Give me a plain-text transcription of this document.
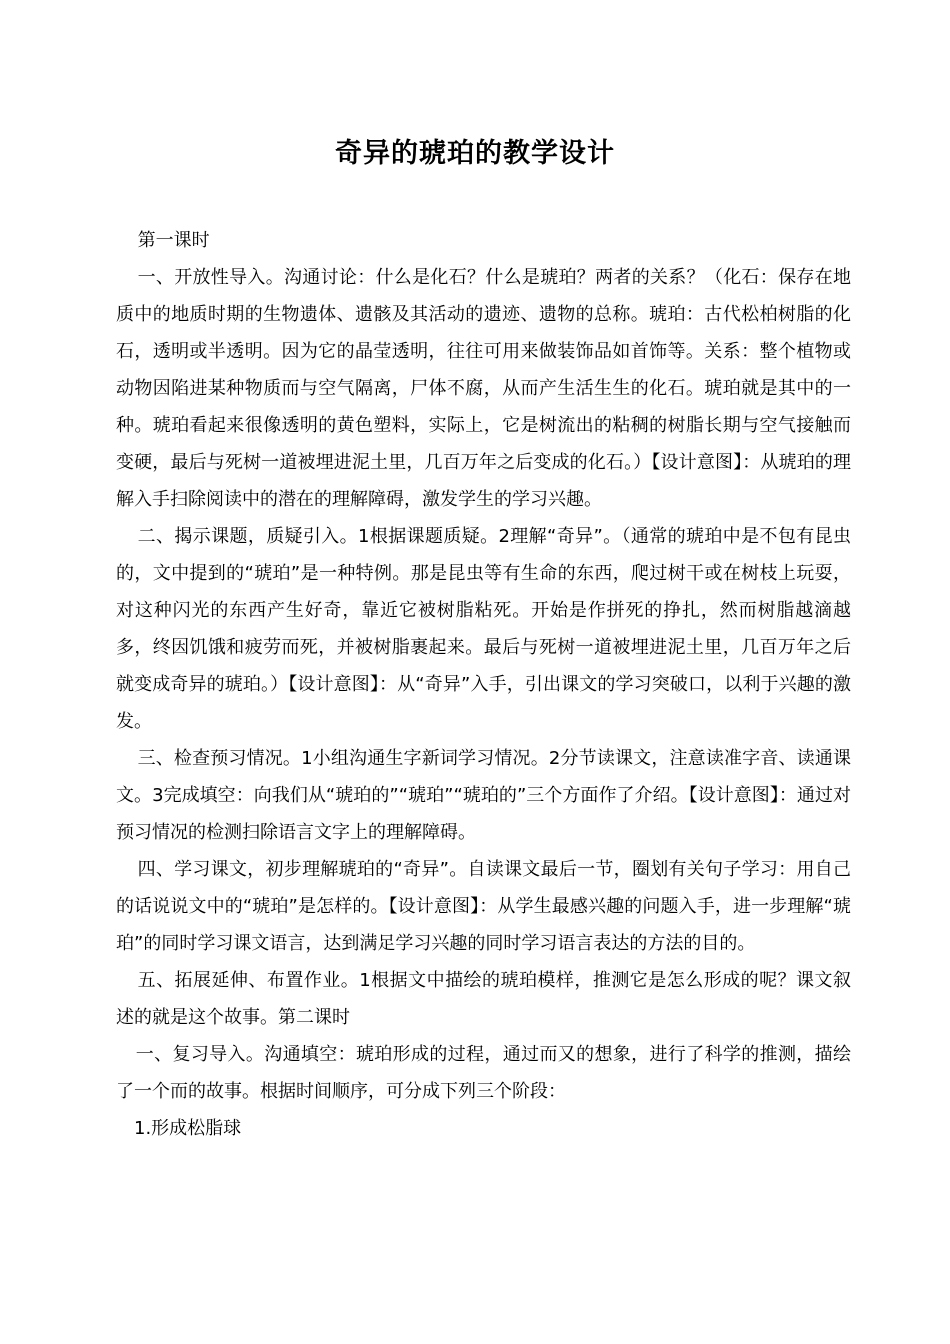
奇异的琥珀的教学设计

第一课时

一、开放性导入。沟通讨论：什么是化石？什么是琥珀？两者的关系？（化石：保存在地质中的地质时期的生物遗体、遗骸及其活动的遗迹、遗物的总称。琥珀：古代松柏树脂的化石，透明或半透明。因为它的晶莹透明，往往可用来做装饰品如首饰等。关系：整个植物或动物因陷进某种物质而与空气隔离，尸体不腐，从而产生活生生的化石。琥珀就是其中的一种。琥珀看起来很像透明的黄色塑料，实际上，它是树流出的粘稠的树脂长期与空气接触而变硬，最后与死树一道被埋进泥土里，几百万年之后变成的化石。）【设计意图】：从琥珀的理解入手扫除阅读中的潜在的理解障碍，激发学生的学习兴趣。

二、揭示课题，质疑引入。1根据课题质疑。2理解“奇异”。（通常的琥珀中是不包有昆虫的，文中提到的“琥珀”是一种特例。那是昆虫等有生命的东西，爬过树干或在树枝上玩耍，对这种闪光的东西产生好奇，靠近它被树脂粘死。开始是作拼死的挣扎，然而树脂越滴越多，终因饥饿和疲劳而死，并被树脂裹起来。最后与死树一道被埋进泥土里，几百万年之后就变成奇异的琥珀。）【设计意图】：从“奇异”入手，引出课文的学习突破口，以利于兴趣的激发。

三、检查预习情况。1小组沟通生字新词学习情况。2分节读课文，注意读准字音、读通课文。3完成填空：向我们从“琥珀的”“琥珀”“琥珀的”三个方面作了介绍。【设计意图】：通过对预习情况的检测扫除语言文字上的理解障碍。

四、学习课文，初步理解琥珀的“奇异”。自读课文最后一节，圈划有关句子学习：用自己的话说说文中的“琥珀”是怎样的。【设计意图】：从学生最感兴趣的问题入手，进一步理解“琥珀”的同时学习课文语言，达到满足学习兴趣的同时学习语言表达的方法的目的。

五、拓展延伸、布置作业。1根据文中描绘的琥珀模样，推测它是怎么形成的呢？课文叙述的就是这个故事。第二课时

一、复习导入。沟通填空：琥珀形成的过程，通过而又的想象，进行了科学的推测，描绘了一个而的故事。根据时间顺序，可分成下列三个阶段：

1.形成松脂球
